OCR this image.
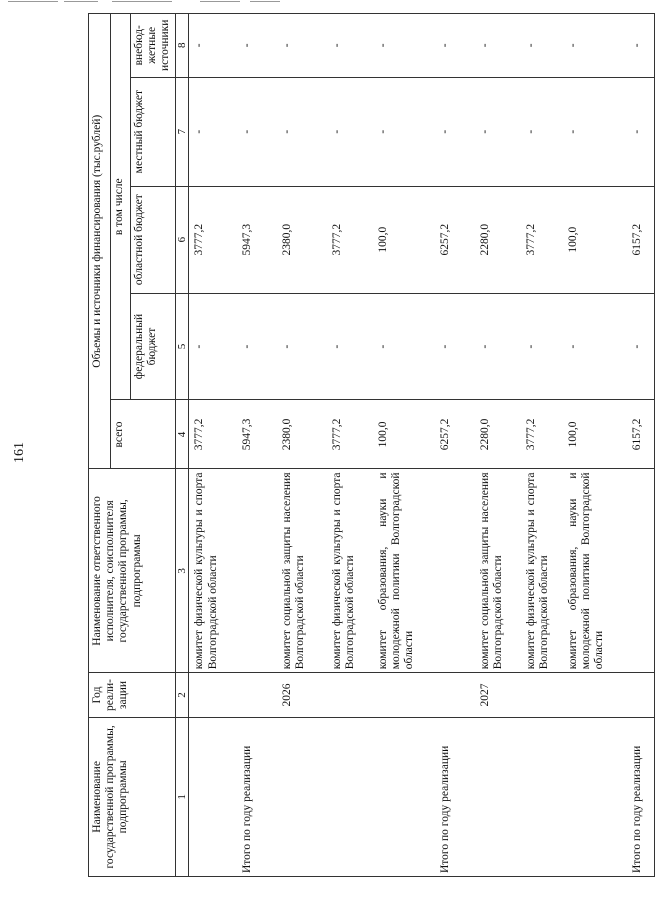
161
Наименование государственной программы, подпрограммы	Год реали-зации	Наименование ответственного исполнителя, соисполнителя государственной программы, подпрограммы	Объемы и источники финансирования (тыс.рублей)				
			всего	в том числе			
				федеральный бюджет	областной бюджет	местный бюджет	внебюд-жетные источники
1	2	3	4	5	6	7	8
		комитет физической культуры и спорта Волгоградской области	3777,2	-	3777,2	-	-
Итого по году реализации			5947,3	-	5947,3	-	-
	2026	комитет социальной защиты населения Волгоградской области	2380,0	-	2380,0	-	-
		комитет физической культуры и спорта Волгоградской области	3777,2	-	3777,2	-	-
		комитет образования, науки и молодежной политики Волгоградской области	100,0	-	100,0	-	-
Итого по году реализации			6257,2	-	6257,2	-	-
	2027	комитет социальной защиты населения Волгоградской области	2280,0	-	2280,0	-	-
		комитет физической культуры и спорта Волгоградской области	3777,2	-	3777,2	-	-
		комитет образования, науки и молодежной политики Волгоградской области	100,0	-	100,0	-	-
Итого по году реализации			6157,2	-	6157,2	-	-
